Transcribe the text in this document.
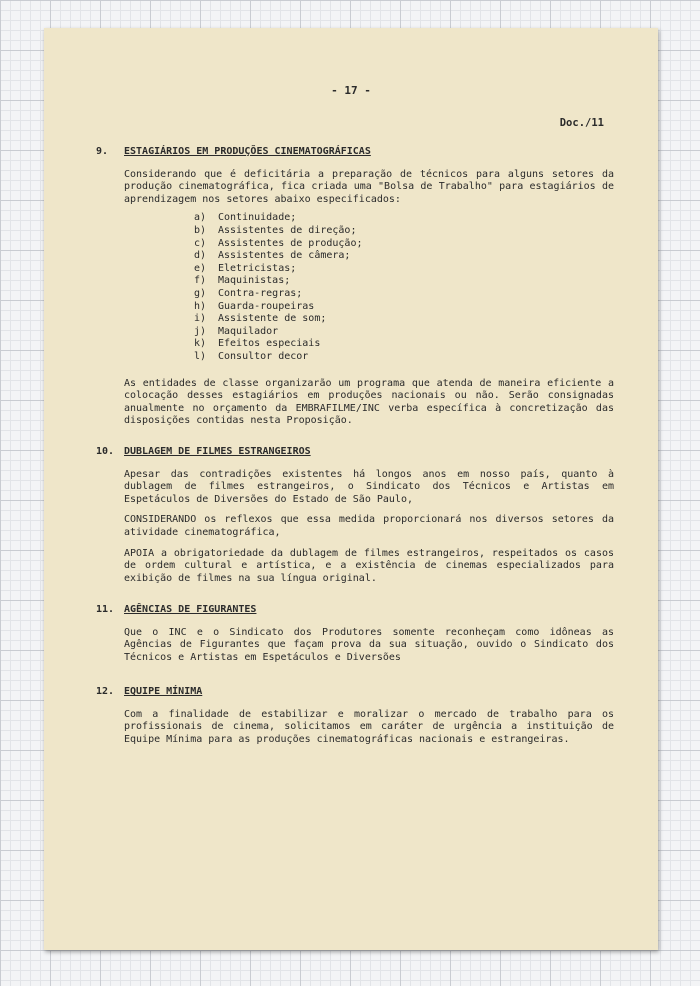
- 17 -
Doc./11
9. ESTAGIÁRIOS EM PRODUÇÕES CINEMATOGRÁFICAS

Considerando que é deficitária a preparação de técnicos para alguns setores da produção cinematográfica, fica criada uma "Bolsa de Trabalho" para estagiários de aprendizagem nos setores abaixo especificados:

a)	Continuidade;
b)	Assistentes de direção;
c)	Assistentes de produção;
d)	Assistentes de câmera;
e)	Eletricistas;
f)	Maquinistas;
g)	Contra-regras;
h)	Guarda-roupeiras
i)	Assistente de som;
j)	Maquilador
k)	Efeitos especiais
l)	Consultor decor

As entidades de classe organizarão um programa que atenda de maneira eficiente a colocação desses estagiários em produções nacionais ou não. Serão consignadas anualmente no orçamento da EMBRAFILME/INC verba específica à concretização das disposições contidas nesta Proposição.

10. DUBLAGEM DE FILMES ESTRANGEIROS

Apesar das contradições existentes há longos anos em nosso país, quanto à dublagem de filmes estrangeiros, o Sindicato dos Técnicos e Artistas em Espetáculos de Diversões do Estado de São Paulo,

CONSIDERANDO os reflexos que essa medida proporcionará nos diversos setores da atividade cinematográfica,

APOIA a obrigatoriedade da dublagem de filmes estrangeiros, respeitados os casos de ordem cultural e artística, e a existência de cinemas especializados para exibição de filmes na sua língua original.

11. AGÊNCIAS DE FIGURANTES

Que o INC e o Sindicato dos Produtores somente reconheçam como idôneas as Agências de Figurantes que façam prova da sua situação, ouvido o Sindicato dos Técnicos e Artistas em Espetáculos e Diversões

12. EQUIPE MÍNIMA

Com a finalidade de estabilizar e moralizar o mercado de trabalho para os profissionais de cinema, solicitamos em caráter de urgência a instituição de Equipe Mínima para as produções cinematográficas nacionais e estrangeiras.
